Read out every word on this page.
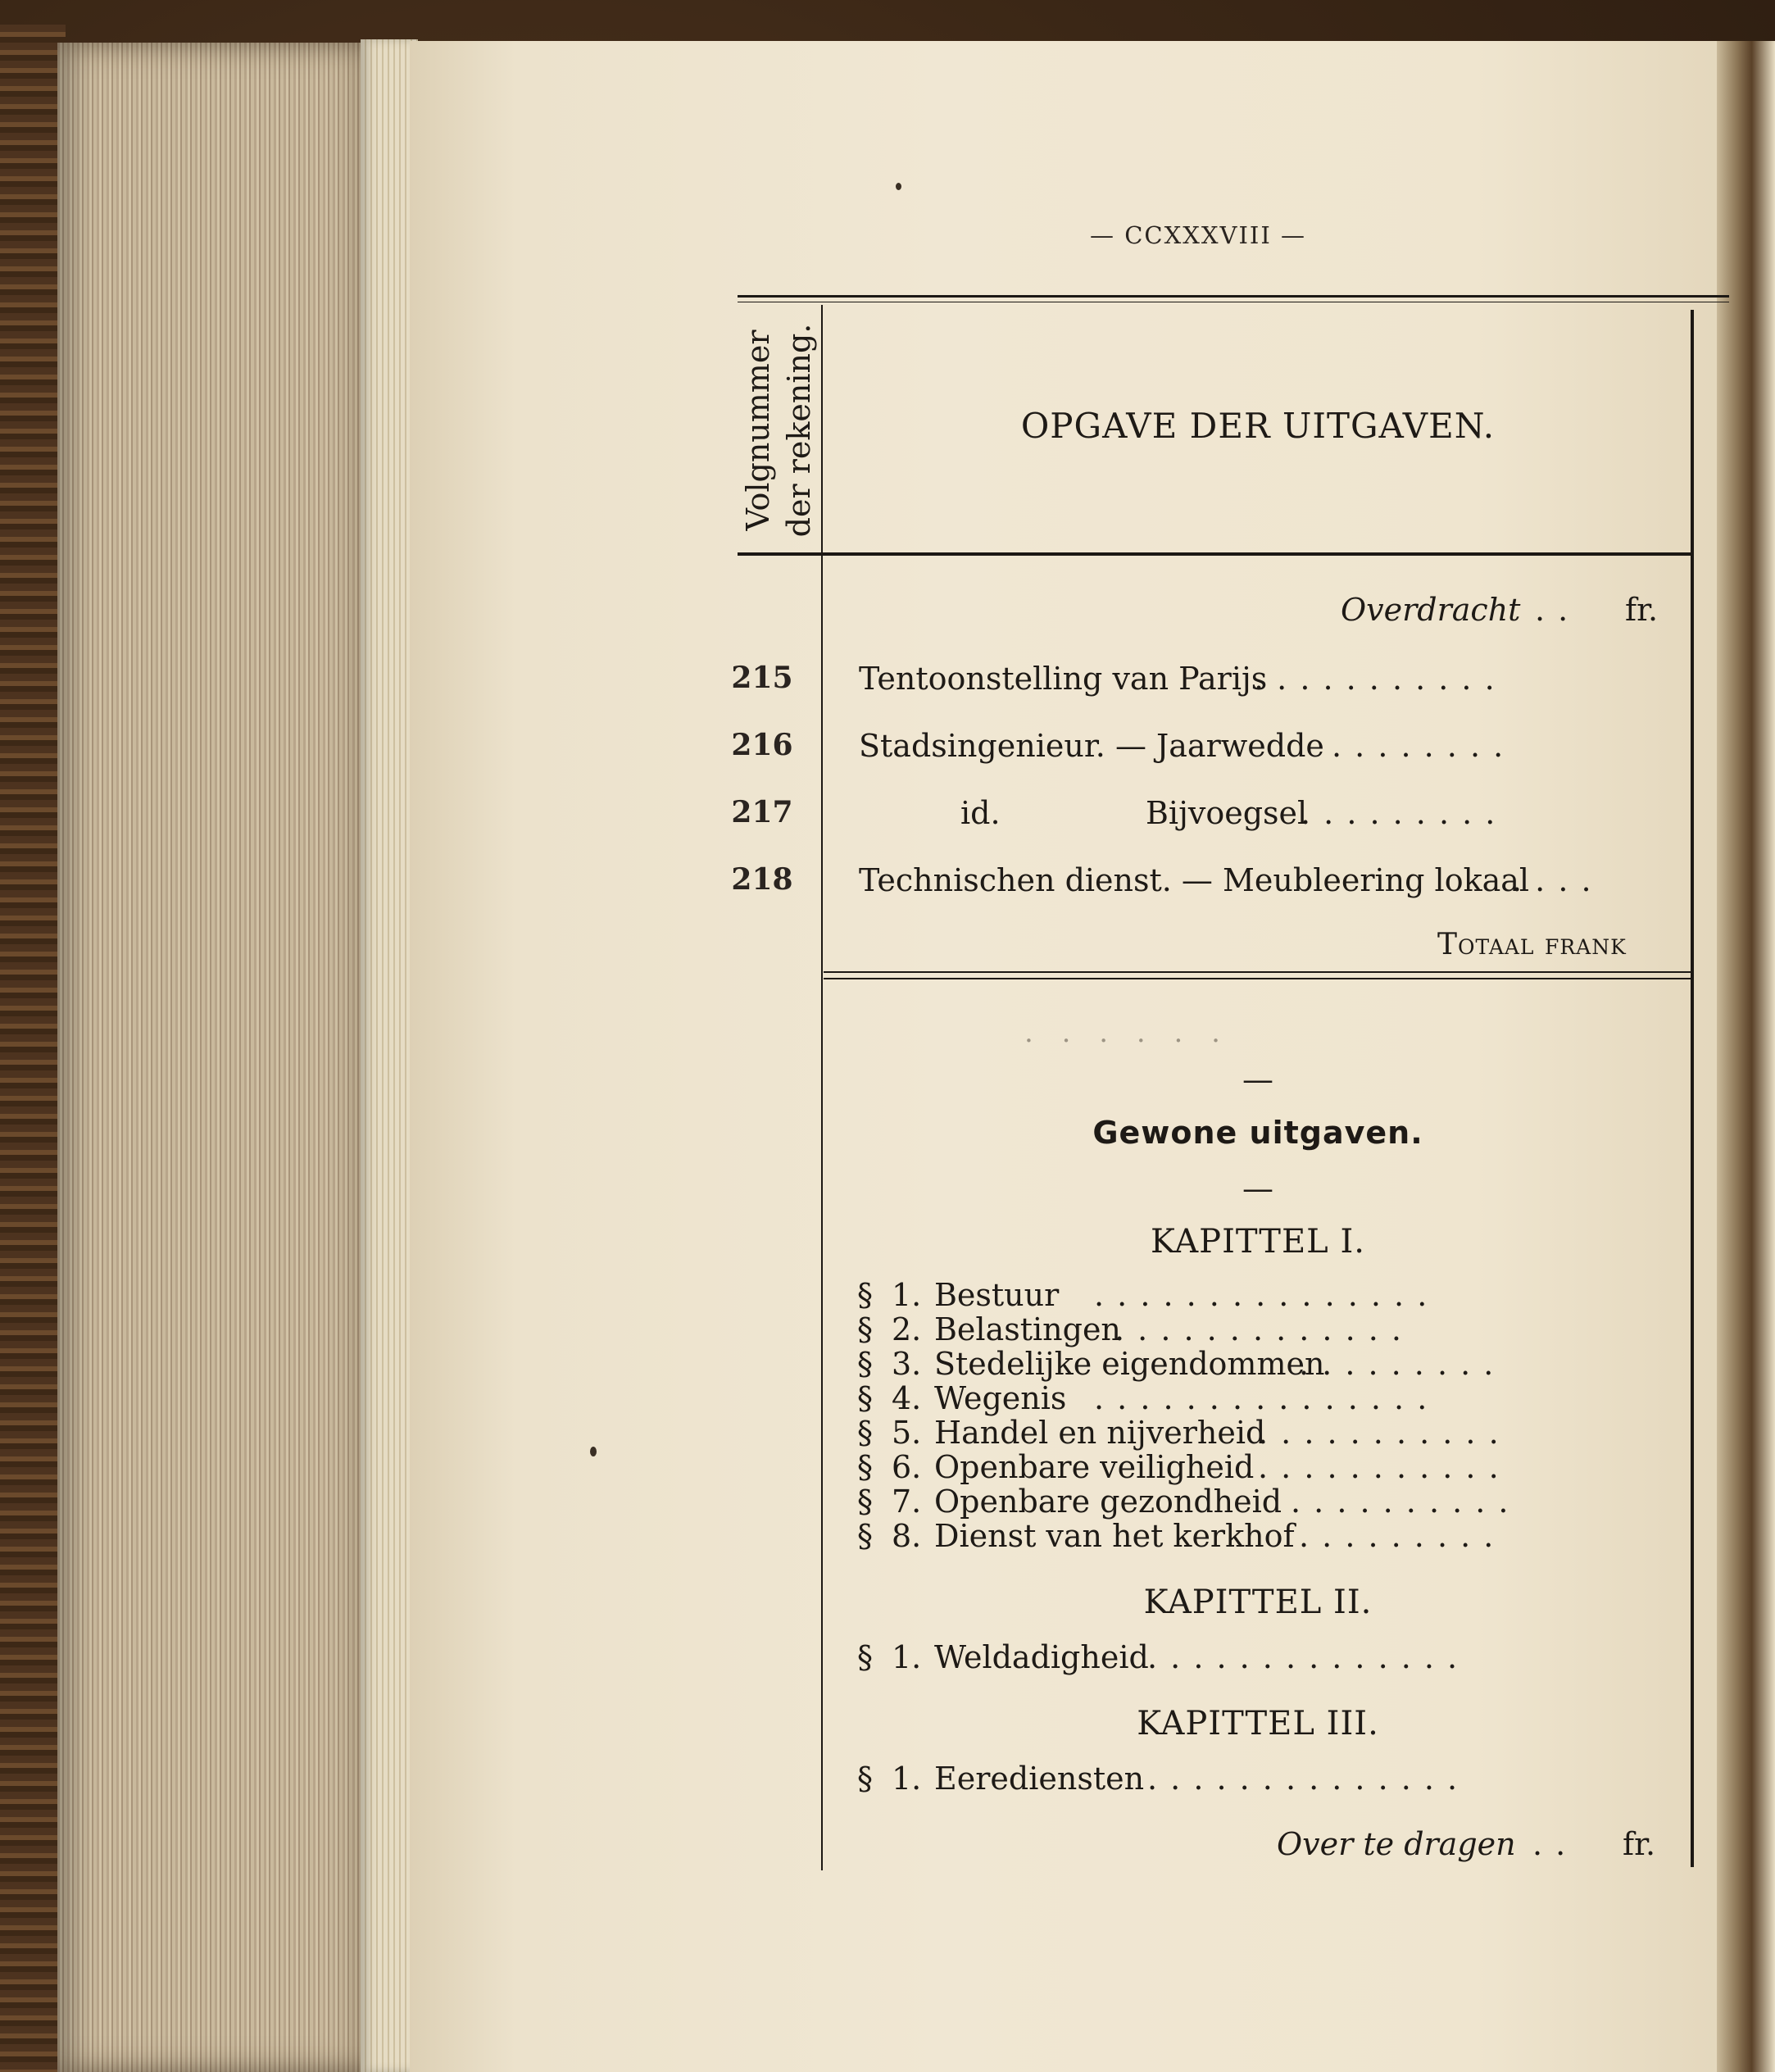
— CCXXXVIII —
Volgnummer der rekening.	OPGAVE DER UITGAVEN.
Overdracht . . fr.
215 Tentoonstelling van Parijs
. . . . . . . . . . .
216 Stadsingenieur. — Jaarwedde . . . . . . . .
217	id.	Bijvoegsel
. . . . . . . . .
218 Technischen dienst. — Meubleering lokaal
. . . .
Totaal frank
. . . . . .
—
Gewone uitgaven.
—
KAPITTEL I.
§ 1. Bestuur . . . . . . . . . . . . . . .
§ 2. Belastingen
. . . . . . . . . . . . .
§ 3. Stedelijke eigendommen
. . . . . . . . .
§ 4. Wegenis . . . . . . . . . . . . . . .
§ 5. Handel en nijverheid
. . . . . . . . . . .
§ 6. Openbare veiligheid . . . . . . . . . . .
§ 7. Openbare gezondheid . . . . . . . . . .
§ 8. Dienst van het kerkhof . . . . . . . . .
KAPITTEL II.
§ 1. Weldadigheid
. . . . . . . . . . . . . .
KAPITTEL III.
§ 1. Eerediensten . . . . . . . . . . . . . .
Over te dragen . . fr.
